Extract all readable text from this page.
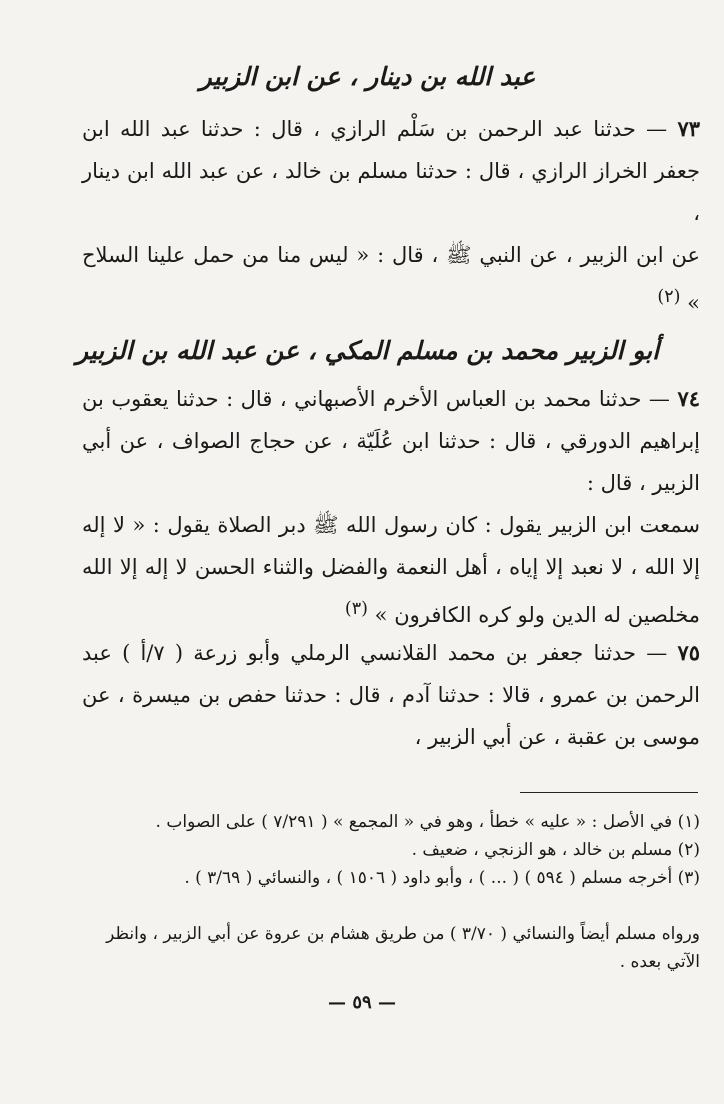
عبد الله بن دينار ، عن ابن الزبير
٧٣ — حدثنا عبد الرحمن بن سَلْم الرازي ، قال : حدثنا عبد الله ابن جعفر الخراز الرازي ، قال : حدثنا مسلم بن خالد ، عن عبد الله ابن دينار ،
عن ابن الزبير ، عن النبي ﷺ ، قال : « ليس منا من حمل علينا السلاح » $^{(٢)}$
أبو الزبير محمد بن مسلم المكي ، عن عبد الله بن الزبير
٧٤ — حدثنا محمد بن العباس الأخرم الأصبهاني ، قال : حدثنا يعقوب بن إبراهيم الدورقي ، قال : حدثنا ابن عُلَيّة ، عن حجاج الصواف ، عن أبي الزبير ، قال :
سمعت ابن الزبير يقول : كان رسول الله ﷺ دبر الصلاة يقول : « لا إله إلا الله ، لا نعبد إلا إياه ، أهل النعمة والفضل والثناء الحسن لا إله إلا الله مخلصين له الدين ولو كره الكافرون » $^{(٣)}$
٧٥ — حدثنا جعفر بن محمد القلانسي الرملي وأبو زرعة ( ٧/أ ) عبد الرحمن بن عمرو ، قالا : حدثنا آدم ، قال : حدثنا حفص بن ميسرة ، عن موسى بن عقبة ، عن أبي الزبير ،
(١) في الأصل : « عليه » خطأ ، وهو في « المجمع » ( ٧/٢٩١ ) على الصواب .
(٢) مسلم بن خالد ، هو الزنجي ، ضعيف .
(٣) أخرجه مسلم ( ٥٩٤ ) ( ... ) ، وأبو داود ( ١٥٠٦ ) ، والنسائي ( ٣/٦٩ ) .
ورواه مسلم أيضاً والنسائي ( ٣/٧٠ ) من طريق هشام بن عروة عن أبي الزبير ، وانظر الآتي بعده .
— ٥٩ —
